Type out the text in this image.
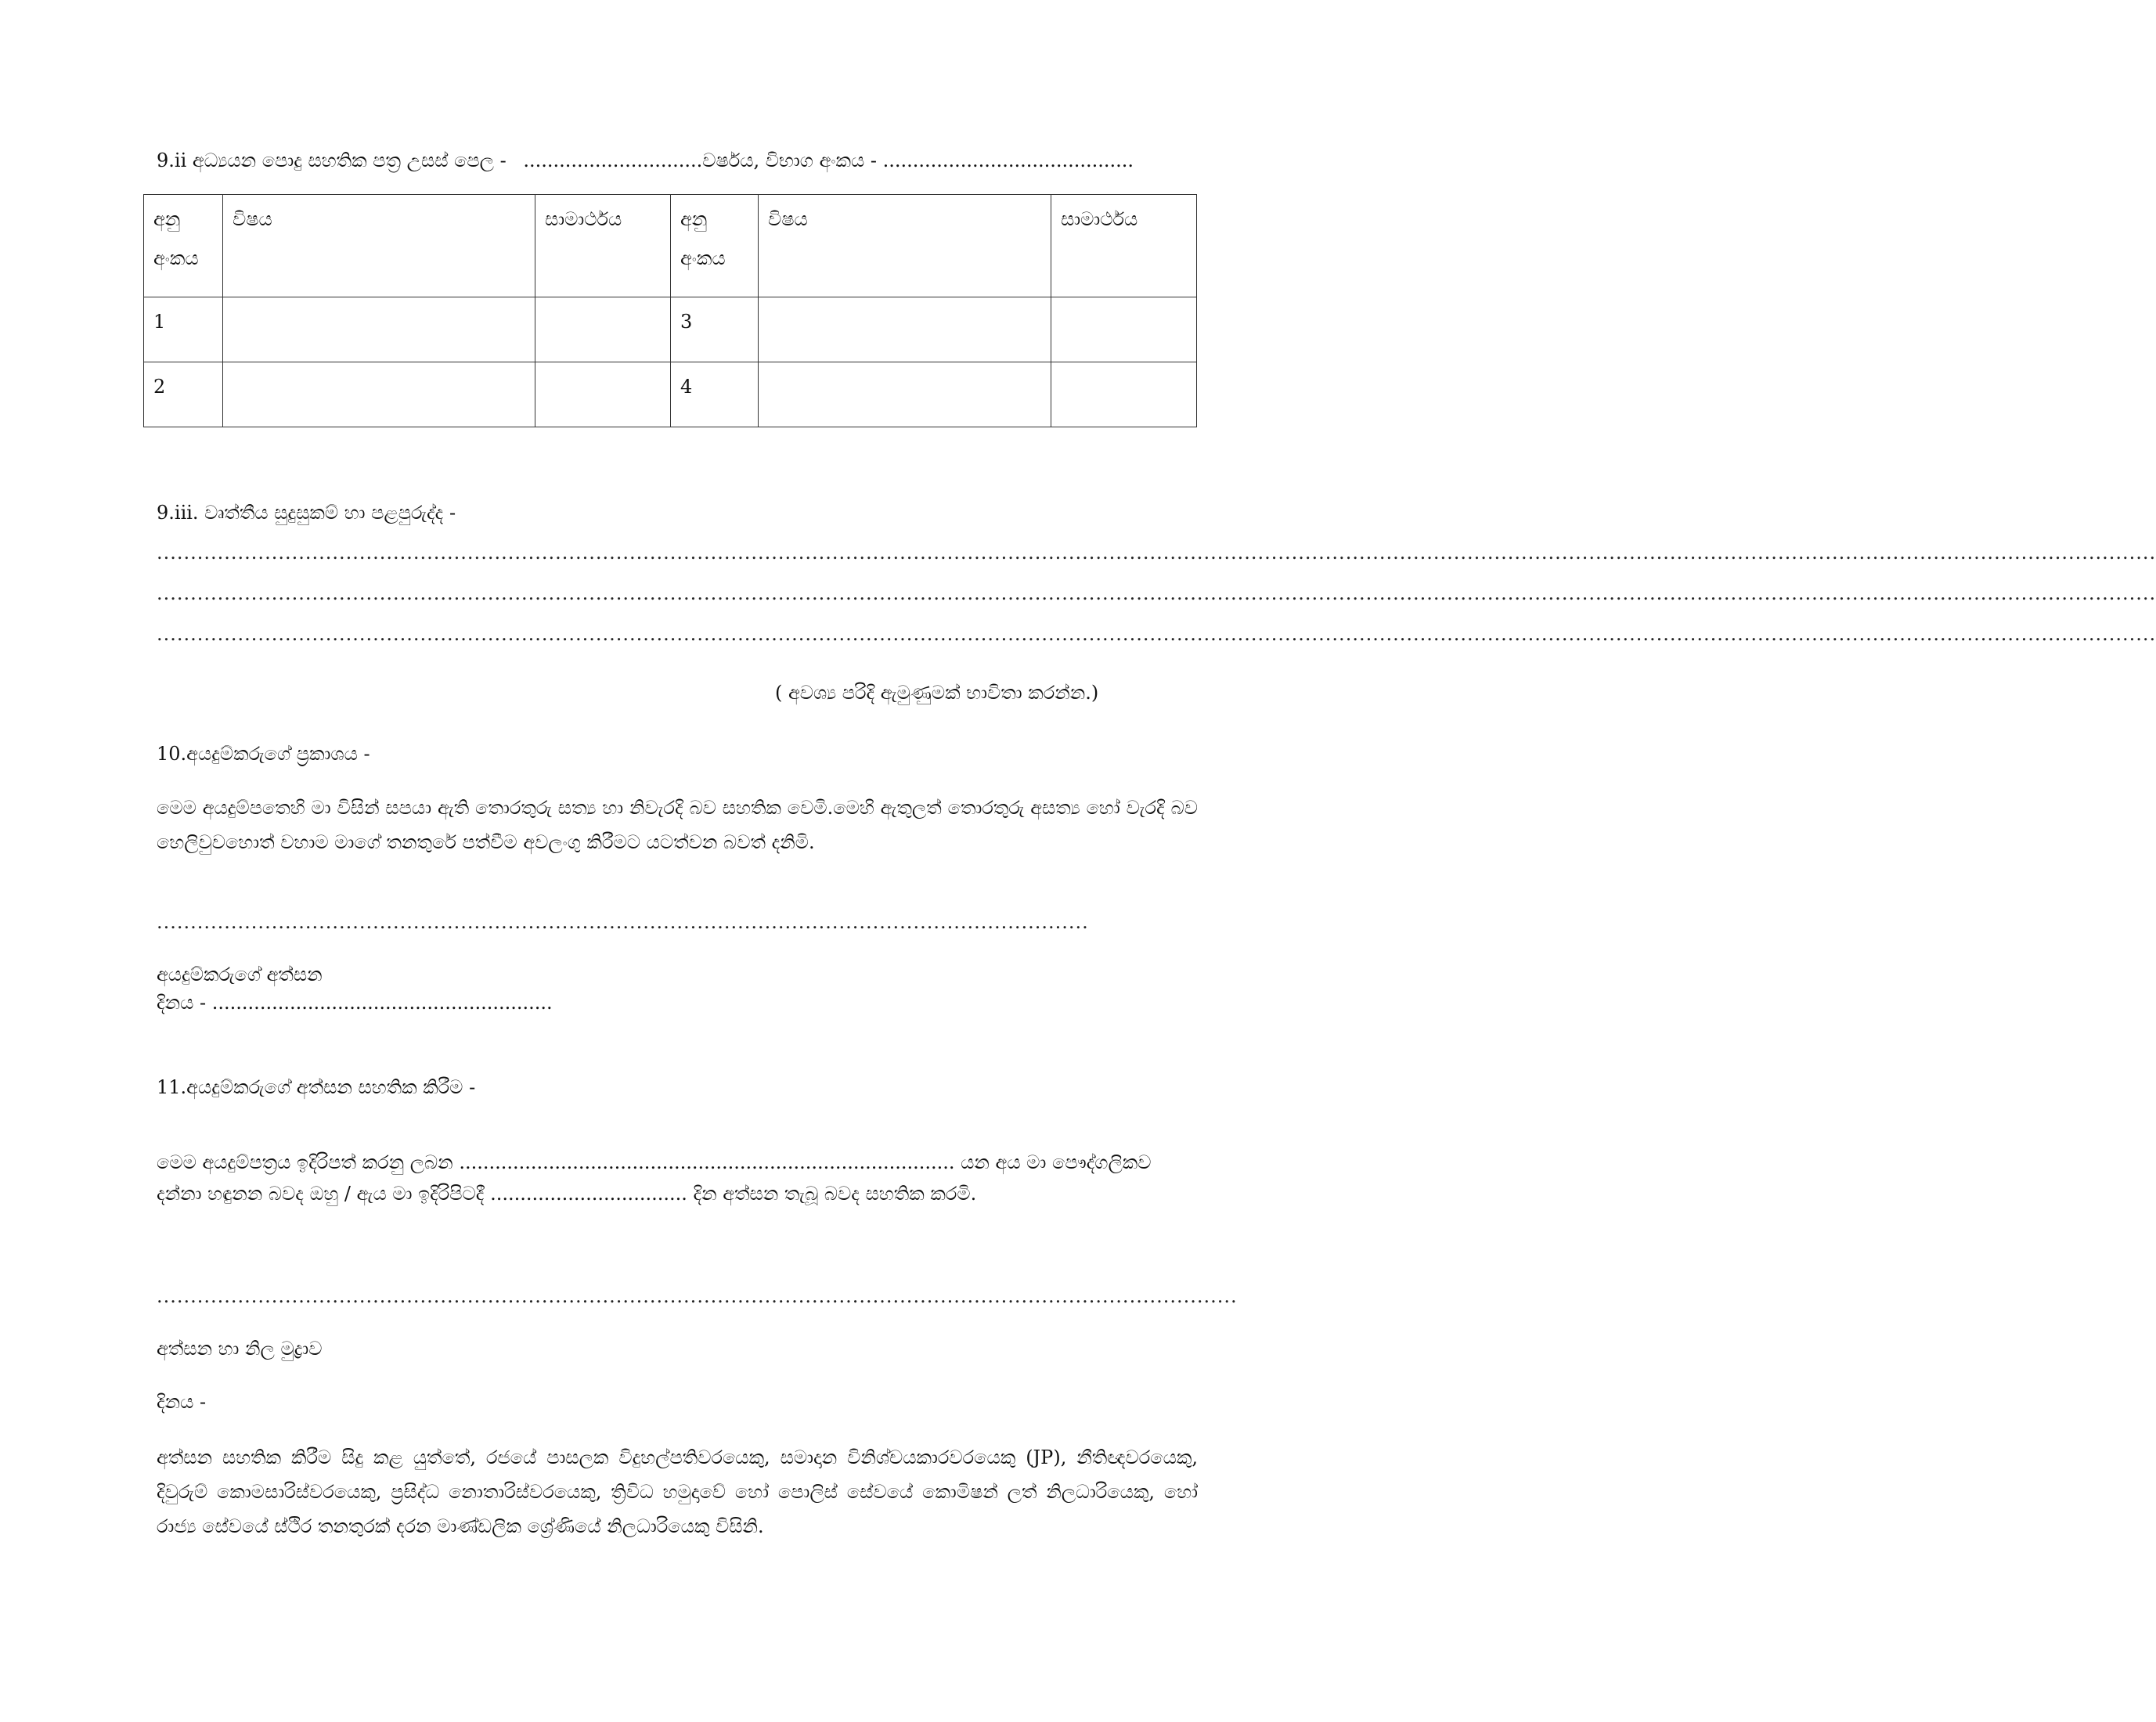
9.ii අධ්‍යයන පොදු සහතික පත්‍ර උසස් පෙල - ..............................වර්ෂය, විභාග අංකය - ..........................................
අනු අංකය	විෂය	සාමාර්ථය	අනු අංකය	විෂය	සාමාර්ථය
1			3		
2			4		
9.iii. වෘත්තීය සුදුසුකම් හා පළපුරුද්ද -
........................................................................................................................................................................................................................................................................................................
........................................................................................................................................................................................................................................................................................................
........................................................................................................................................................................................................................................................................................................
( අවශ්‍ය පරිදි ඇමුණුමක් භාවිතා කරන්න.)
10.අයදුම්කරුගේ ප්‍රකාශය -
මෙම අයදුම්පතෙහි මා විසින් සපයා ඇති තොරතුරු සත්‍ය හා නිවැරදි බව සහතික වෙමි.මෙහි ඇතුලත් තොරතුරු අසත්‍ය හෝ වැරදි බව හෙලිවුවහොත් වහාම මාගේ තනතුරේ පත්වීම අවලංගු කිරීමට යටත්වන බවත් දනිමි.
..........................................................................................................................................
අයදුම්කරුගේ අත්සන
දිනය - .........................................................
11.අයදුම්කරුගේ අත්සන සහතික කිරීම -
මෙම අයදුම්පත්‍රය ඉදිරිපත් කරනු ලබන ................................................................................... යන අය මා පෞද්ගලිකව
දන්නා හඳුනන බවද ඔහු / ඇය මා ඉදිරිපිටදී ................................. දින අත්සන තැබූ බවද සහතික කරමි.
................................................................................................................................................................
අත්සන හා නිල මුද්‍රාව
දිනය -
අත්සන සහතික කිරීම සිදු කළ යුත්තේ, රජයේ පාසලක විදුහල්පතිවරයෙකු, සමාදාන විනිශ්චයකාරවරයෙකු (JP), නීතිඥවරයෙකු, දිවුරුම් කොමසාරිස්වරයෙකු, ප්‍රසිද්ධ නොතාරිස්වරයෙකු, ත්‍රිවිධ හමුදාවේ හෝ පොලිස් සේවයේ කොමිෂන් ලත් නිලධාරියෙකු, හෝ රාජ්‍ය සේවයේ ස්ථිර තනතුරක් දරන මාණ්ඩලික ශ්‍රේණියේ නිලධාරියෙකු විසිනි.
